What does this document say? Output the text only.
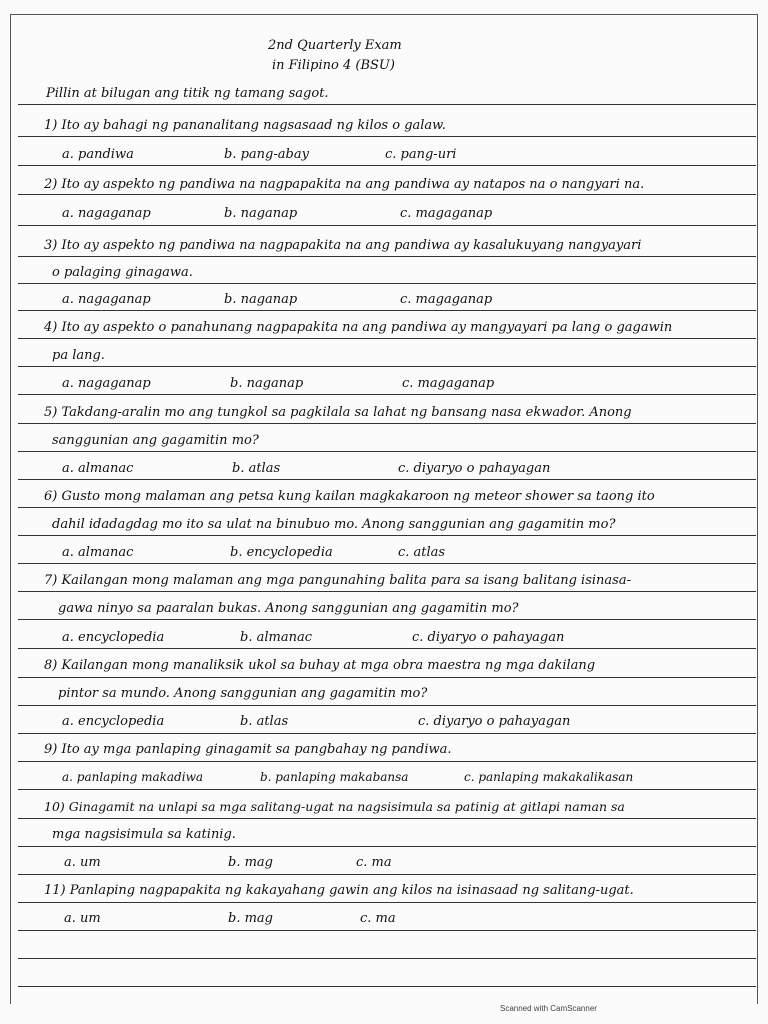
2nd Quarterly Exam
in Filipino 4 (BSU)
Pillin at bilugan ang titik ng tamang sagot.
1) Ito ay bahagi ng pananalitang nagsasaad ng kilos o galaw.
a. pandiwa	b. pang-abay	c. pang-uri
2) Ito ay aspekto ng pandiwa na nagpapakita na ang pandiwa ay natapos na o nangyari na.
a. nagaganap	b. naganap	c. magaganap
3) Ito ay aspekto ng pandiwa na nagpapakita na ang pandiwa ay kasalukuyang nangyayari
o palaging ginagawa.
a. nagaganap	b. naganap	c. magaganap
4) Ito ay aspekto o panahunang nagpapakita na ang pandiwa ay mangyayari pa lang o gagawin
pa lang.
a. nagaganap	b. naganap	c. magaganap
5) Takdang-aralin mo ang tungkol sa pagkilala sa lahat ng bansang nasa ekwador. Anong
sanggunian ang gagamitin mo?
a. almanac	b. atlas	c. diyaryo o pahayagan
6) Gusto mong malaman ang petsa kung kailan magkakaroon ng meteor shower sa taong ito
dahil idadagdag mo ito sa ulat na binubuo mo. Anong sanggunian ang gagamitin mo?
a. almanac	b. encyclopedia	c. atlas
7) Kailangan mong malaman ang mga pangunahing balita para sa isang balitang isinasa-
gawa ninyo sa paaralan bukas. Anong sanggunian ang gagamitin mo?
a. encyclopedia	b. almanac	c. diyaryo o pahayagan
8) Kailangan mong manaliksik ukol sa buhay at mga obra maestra ng mga dakilang
pintor sa mundo. Anong sanggunian ang gagamitin mo?
a. encyclopedia	b. atlas	c. diyaryo o pahayagan
9) Ito ay mga panlaping ginagamit sa pangbahay ng pandiwa.
a. panlaping makadiwa	b. panlaping makabansa	c. panlaping makakalikasan
10) Ginagamit na unlapi sa mga salitang-ugat na nagsisimula sa patinig at gitlapi naman sa
mga nagsisimula sa katinig.
a. um	b. mag	c. ma
11) Panlaping nagpapakita ng kakayahang gawin ang kilos na isinasaad ng salitang-ugat.
a. um	b. mag	c. ma
Scanned with CamScanner
